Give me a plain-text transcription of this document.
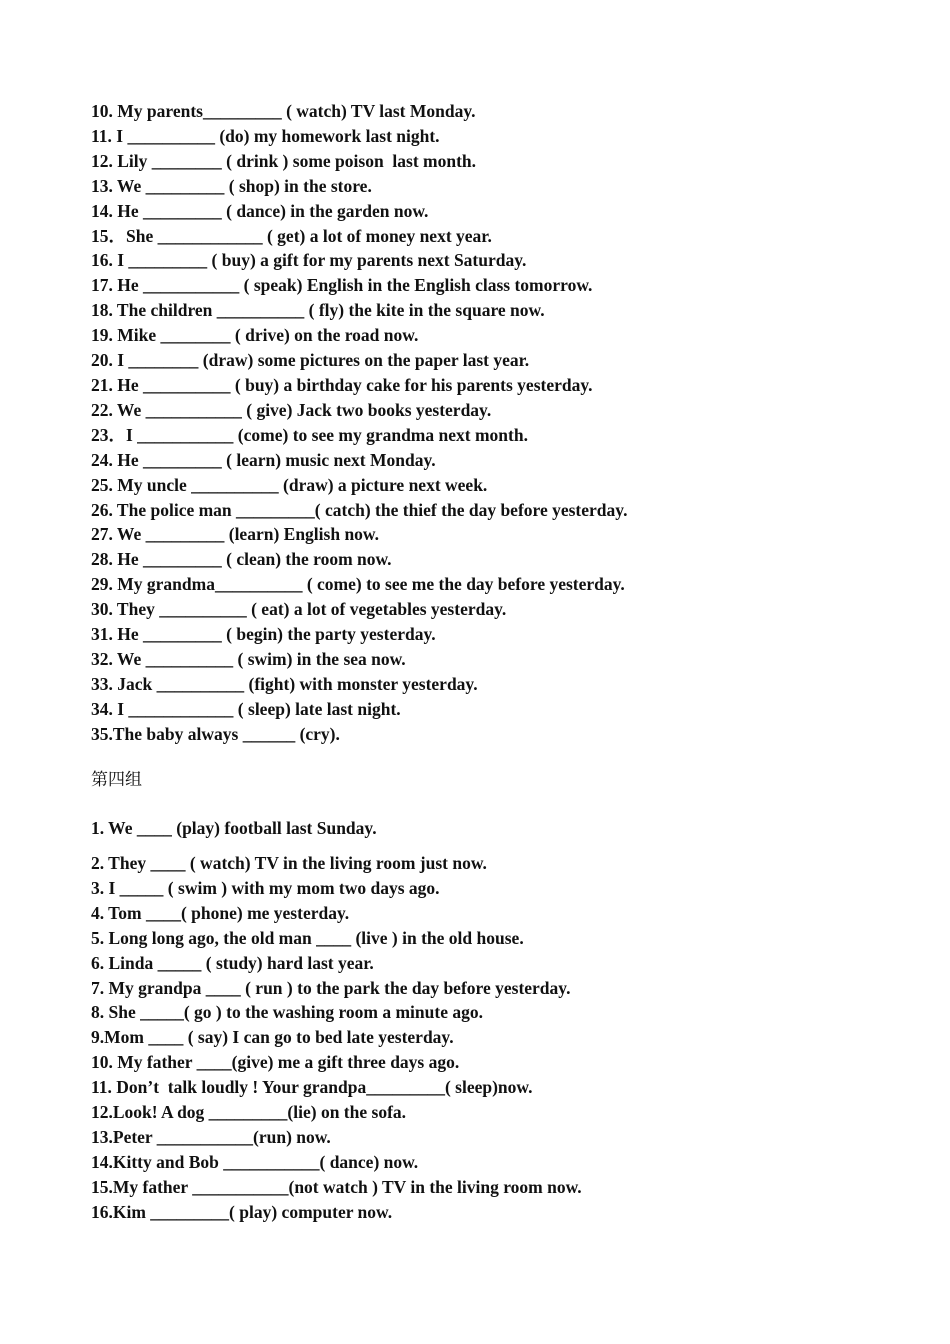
10. My parents_________ ( watch) TV last Monday.

11. I __________ (do) my homework last night.

12. Lily ________ ( drink ) some poison  last month.

13. We _________ ( shop) in the store.

14. He _________ ( dance) in the garden now.

15．She ____________ ( get) a lot of money next year.

16. I _________ ( buy) a gift for my parents next Saturday.

17. He ___________ ( speak) English in the English class tomorrow.

18. The children __________ ( fly) the kite in the square now.

19. Mike ________ ( drive) on the road now.

20. I ________ (draw) some pictures on the paper last year.

21. He __________ ( buy) a birthday cake for his parents yesterday.

22. We ___________ ( give) Jack two books yesterday.

23．I ___________ (come) to see my grandma next month.

24. He _________ ( learn) music next Monday.

25. My uncle __________ (draw) a picture next week.

26. The police man _________( catch) the thief the day before yesterday.

27. We _________ (learn) English now.

28. He _________ ( clean) the room now.

29. My grandma__________ ( come) to see me the day before yesterday.

30. They __________ ( eat) a lot of vegetables yesterday.

31. He _________ ( begin) the party yesterday.

32. We __________ ( swim) in the sea now.

33. Jack __________ (fight) with monster yesterday.

34. I ____________ ( sleep) late last night.

35.The baby always ______ (cry).

第四组

1. We ____ (play) football last Sunday.

2. They ____ ( watch) TV in the living room just now.

3. I _____ ( swim ) with my mom two days ago.

4. Tom ____( phone) me yesterday.

5. Long long ago, the old man ____ (live ) in the old house.

6. Linda _____ ( study) hard last year.

7. My grandpa ____ ( run ) to the park the day before yesterday.

8. She _____( go ) to the washing room a minute ago.

9.Mom ____ ( say) I can go to bed late yesterday.

10. My father ____(give) me a gift three days ago.

11. Don’t  talk loudly ! Your grandpa_________( sleep)now.

12.Look! A dog _________(lie) on the sofa.

13.Peter ___________(run) now.

14.Kitty and Bob ___________( dance) now.

15.My father ___________(not watch ) TV in the living room now.

16.Kim _________( play) computer now.
